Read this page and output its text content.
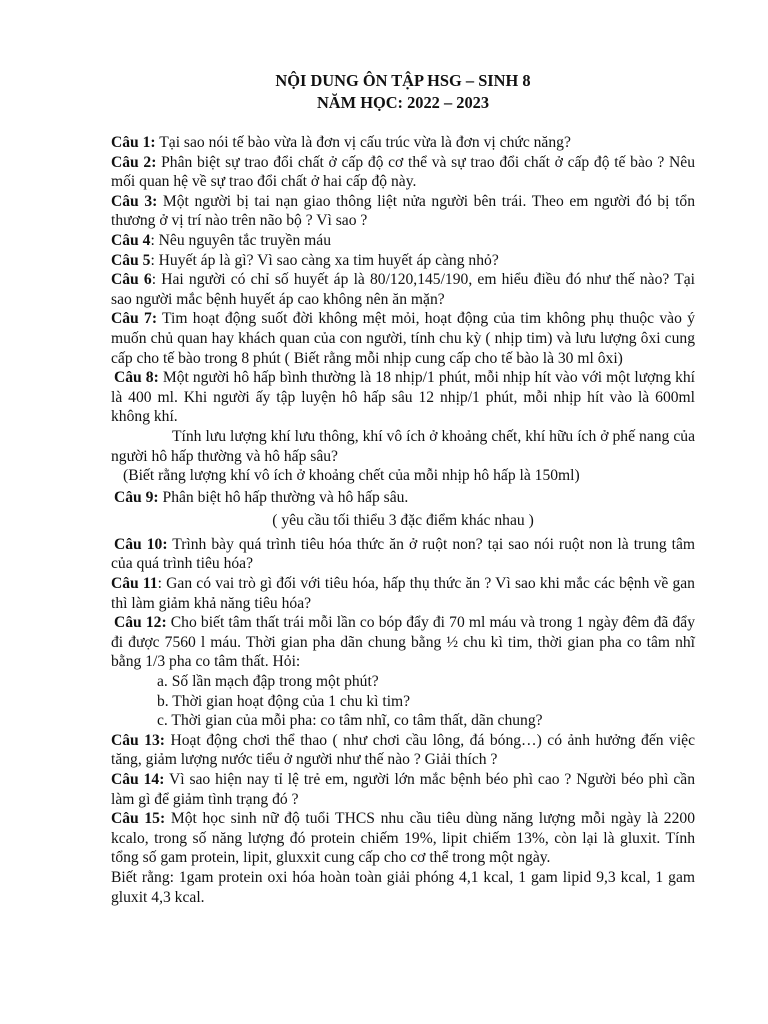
NỘI DUNG ÔN TẬP HSG – SINH 8
NĂM HỌC: 2022 – 2023
Câu 1: Tại sao nói tế bào vừa là đơn vị cấu trúc vừa là đơn vị chức năng?
Câu 2: Phân biệt sự trao đổi chất ở cấp độ cơ thể và sự trao đổi chất ở cấp độ tế bào ? Nêu mối quan hệ về sự trao đổi chất ở hai cấp độ này.
Câu 3: Một người bị tai nạn giao thông liệt nửa người bên trái. Theo em người đó bị tổn thương ở vị trí nào trên não bộ ? Vì sao ?
Câu 4: Nêu nguyên tắc truyền máu
Câu 5: Huyết áp là gì? Vì sao càng xa tim huyết áp càng nhỏ?
Câu 6: Hai người có chỉ số huyết áp là 80/120,145/190, em hiểu điều đó như thế nào? Tại sao người mắc bệnh huyết áp cao không nên ăn mặn?
Câu 7: Tim hoạt động suốt đời không mệt mỏi, hoạt động của tim không phụ thuộc vào ý muốn chủ quan hay khách quan của con người, tính chu kỳ ( nhịp tim) và lưu lượng ôxi cung cấp cho tế bào trong 8 phút ( Biết rằng mỗi nhịp cung cấp cho tế bào là 30 ml ôxi)
Câu 8: Một người hô hấp bình thường là 18 nhịp/1 phút, mỗi nhịp hít vào với một lượng khí là 400 ml. Khi người ấy tập luyện hô hấp sâu 12 nhịp/1 phút, mỗi nhịp hít vào là 600ml không khí.
Tính lưu lượng khí lưu thông, khí vô ích ở khoảng chết, khí hữu ích ở phế nang của người hô hấp thường và hô hấp sâu?
(Biết rằng lượng khí vô ích ở khoảng chết của mỗi nhịp hô hấp là 150ml)
Câu 9: Phân biệt hô hấp thường và hô hấp sâu.
( yêu cầu tối thiểu 3 đặc điểm khác nhau )
Câu 10: Trình bày quá trình tiêu hóa thức ăn ở ruột non? tại sao nói ruột non là trung tâm của quá trình tiêu hóa?
Câu 11: Gan có vai trò gì đối với tiêu hóa, hấp thụ thức ăn ? Vì sao khi mắc các bệnh về gan thì làm giảm khả năng tiêu hóa?
Câu 12: Cho biết tâm thất trái mỗi lần co bóp đẩy đi 70 ml máu và trong 1 ngày đêm đã đẩy đi được 7560 l máu. Thời gian pha dãn chung bằng ½ chu kì tim, thời gian pha co tâm nhĩ bằng 1/3 pha co tâm thất. Hỏi:
a. Số lần mạch đập trong một phút?
b. Thời gian hoạt động của 1 chu kì tim?
c. Thời gian của mỗi pha: co tâm nhĩ, co tâm thất, dãn chung?
Câu 13: Hoạt động chơi thể thao ( như chơi cầu lông, đá bóng…) có ảnh hưởng đến việc tăng, giảm lượng nước tiểu ở người như thế nào ? Giải thích ?
Câu 14: Vì sao hiện nay tỉ lệ trẻ em, người lớn mắc bệnh béo phì cao ? Người béo phì cần làm gì để giảm tình trạng đó ?
Câu 15: Một học sinh nữ độ tuổi THCS nhu cầu tiêu dùng năng lượng mỗi ngày là 2200 kcalo, trong số năng lượng đó protein chiếm 19%, lipit chiếm 13%, còn lại là gluxit. Tính tổng số gam protein, lipit, gluxxit cung cấp cho cơ thể trong một ngày.
Biết rằng: 1gam protein oxi hóa hoàn toàn giải phóng 4,1 kcal, 1 gam lipid 9,3 kcal, 1 gam gluxit 4,3 kcal.
